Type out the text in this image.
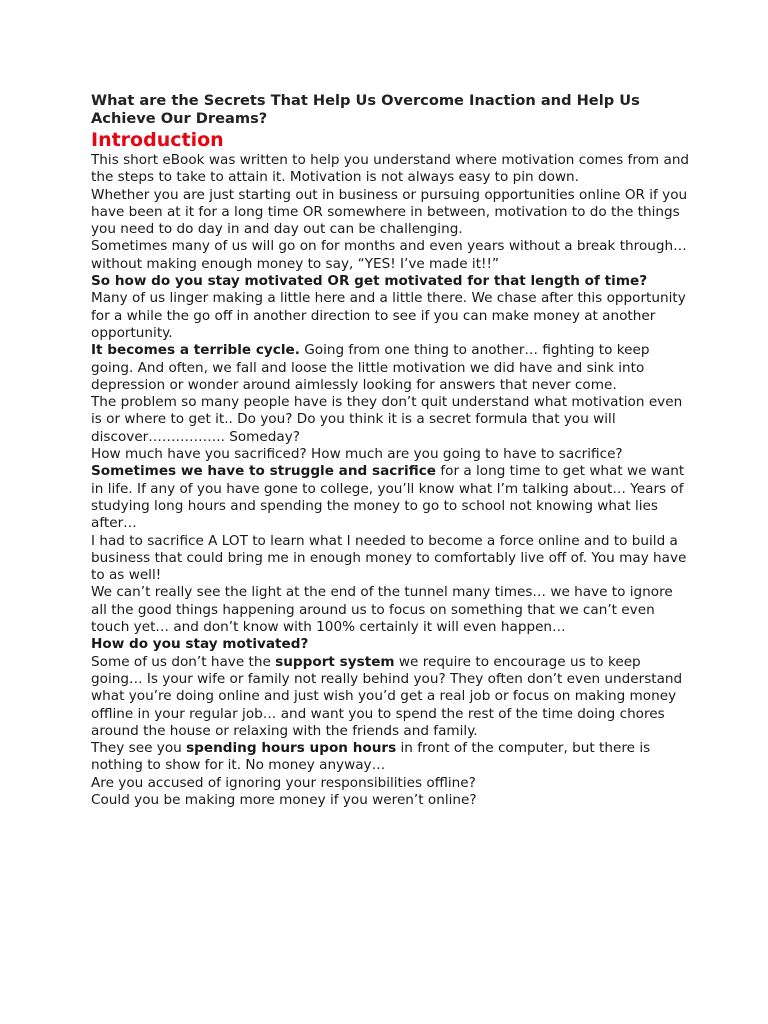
What are the Secrets That Help Us Overcome Inaction and Help Us Achieve Our Dreams?
Introduction

This short eBook was written to help you understand where motivation comes from and the steps to take to attain it. Motivation is not always easy to pin down.

Whether you are just starting out in business or pursuing opportunities online OR if you have been at it for a long time OR somewhere in between, motivation to do the things you need to do day in and day out can be challenging.

Sometimes many of us will go on for months and even years without a break through… without making enough money to say, “YES! I’ve made it!!”

So how do you stay motivated OR get motivated for that length of time?

Many of us linger making a little here and a little there. We chase after this opportunity for a while the go off in another direction to see if you can make money at another opportunity.

It becomes a terrible cycle. Going from one thing to another… fighting to keep going. And often, we fall and loose the little motivation we did have and sink into depression or wonder around aimlessly looking for answers that never come.

The problem so many people have is they don’t quit understand what motivation even is or where to get it.. Do you? Do you think it is a secret formula that you will discover…………….. Someday?

How much have you sacrificed? How much are you going to have to sacrifice?

Sometimes we have to struggle and sacrifice for a long time to get what we want in life. If any of you have gone to college, you’ll know what I’m talking about… Years of studying long hours and spending the money to go to school not knowing what lies after…

I had to sacrifice A LOT to learn what I needed to become a force online and to build a business that could bring me in enough money to comfortably live off of. You may have to as well!

We can’t really see the light at the end of the tunnel many times… we have to ignore all the good things happening around us to focus on something that we can’t even touch yet… and don’t know with 100% certainly it will even happen…

How do you stay motivated?

Some of us don’t have the support system we require to encourage us to keep going… Is your wife or family not really behind you? They often don’t even understand what you’re doing online and just wish you’d get a real job or focus on making money offline in your regular job… and want you to spend the rest of the time doing chores around the house or relaxing with the friends and family.

They see you spending hours upon hours in front of the computer, but there is nothing to show for it. No money anyway…

Are you accused of ignoring your responsibilities offline?

Could you be making more money if you weren’t online?
